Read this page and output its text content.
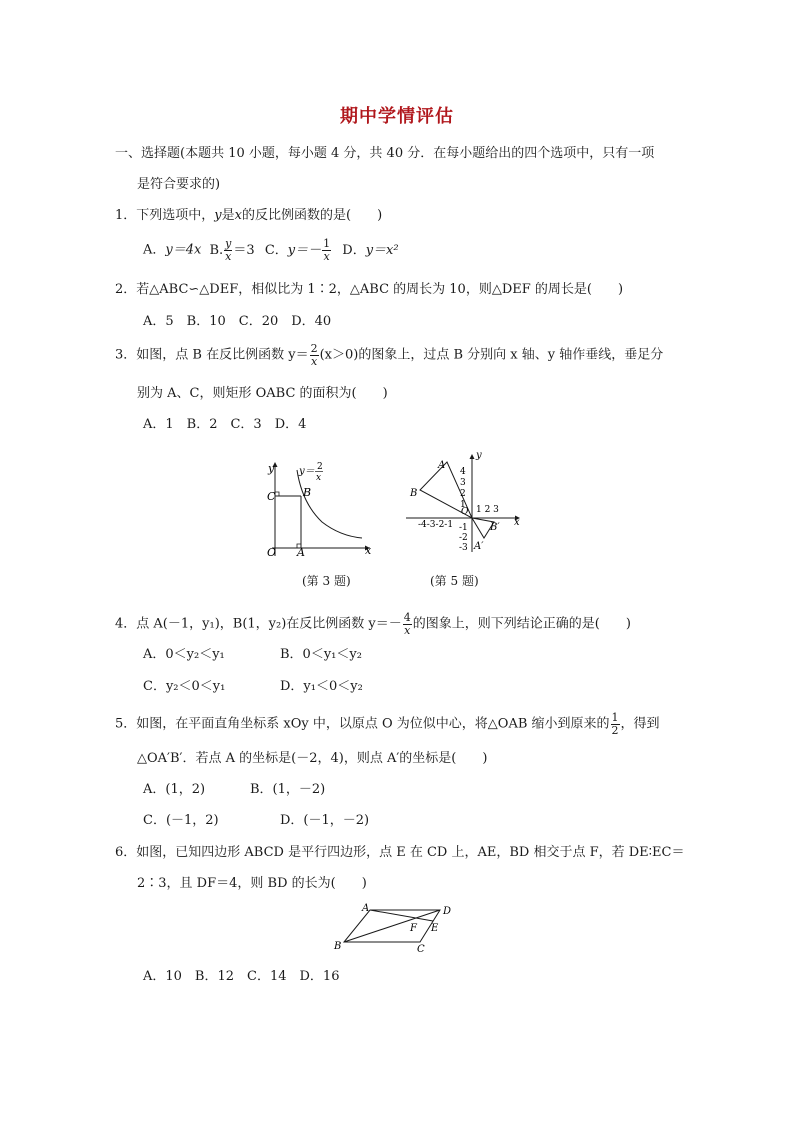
期中学情评估
一、选择题(本题共 10 小题，每小题 4 分，共 40 分．在每小题给出的四个选项中，只有一项
是符合要求的)
1．下列选项中，y是x的反比例函数的是(　　)
A．y＝4x B. $\frac{y}{x} =3$ C．$y=- \frac{1}{x}$ D．y＝x²
2．若△ABC∽△DEF，相似比为 1∶2，△ABC 的周长为 10，则△DEF 的周长是(　　)
A．5　B．10　C．20　D．40
3．如图，点 B 在反比例函数 $y= \frac{2}{x} (x>0)$的图象上，过点 B 分别向 x 轴、y 轴作垂线，垂足分
别为 A、C，则矩形 OABC 的面积为(　　)
A．1　B．2　C．3　D．4
y
x
O
C	B
A
y＝ 2
x
(第 3 题)
y
x
A
B
A′
B′
4
3
2
1
O 1 2 3
-4-3-2-1 -1
-2
-3
(第 5 题)
4．点 A(－1，y₁)，B(1，y₂)在反比例函数 $y=- \frac{4}{x}$ 的图象上，则下列结论正确的是(　　)
A．0＜y₂＜y₁	B．0＜y₁＜y₂
C．y₂＜0＜y₁	D．y₁＜0＜y₂
5．如图，在平面直角坐标系 xOy 中，以原点 O 为位似中心，将△OAB 缩小到原来的 $\frac{1}{2}$ ，得到
△OA′B′．若点 A 的坐标是(－2，4)，则点 A′的坐标是(　　)
A．(1，2)	B．(1，－2)
C．(－1，2)	D．(－1，－2)
6．如图，已知四边形 ABCD 是平行四边形，点 E 在 CD 上，AE，BD 相交于点 F，若 DE∶EC＝
2∶3，且 DF＝4，则 BD 的长为(　　)
A	D
B	C
E
F
A．10　B．12　C．14　D．16
